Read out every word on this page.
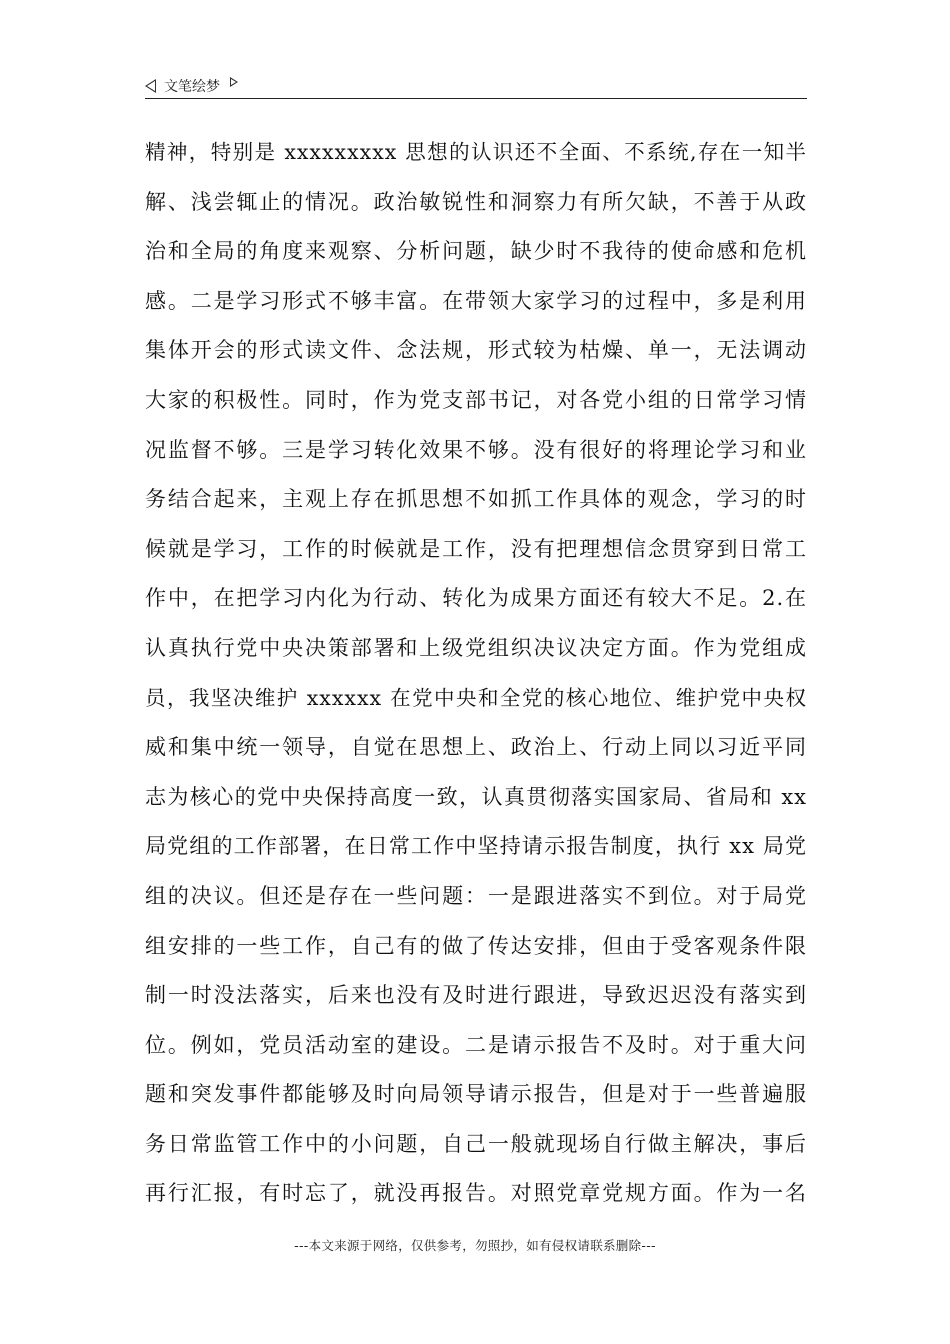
文笔绘梦
精神，特别是 xxxxxxxxx 思想的认识还不全面、不系统,存在一知半
解、浅尝辄止的情况。政治敏锐性和洞察力有所欠缺，不善于从政
治和全局的角度来观察、分析问题，缺少时不我待的使命感和危机
感。二是学习形式不够丰富。在带领大家学习的过程中，多是利用
集体开会的形式读文件、念法规，形式较为枯燥、单一，无法调动
大家的积极性。同时，作为党支部书记，对各党小组的日常学习情
况监督不够。三是学习转化效果不够。没有很好的将理论学习和业
务结合起来，主观上存在抓思想不如抓工作具体的观念，学习的时
候就是学习，工作的时候就是工作，没有把理想信念贯穿到日常工
作中，在把学习内化为行动、转化为成果方面还有较大不足。2.在
认真执行党中央决策部署和上级党组织决议决定方面。作为党组成
员，我坚决维护 xxxxxx 在党中央和全党的核心地位、维护党中央权
威和集中统一领导，自觉在思想上、政治上、行动上同以习近平同
志为核心的党中央保持高度一致，认真贯彻落实国家局、省局和 xx
局党组的工作部署，在日常工作中坚持请示报告制度，执行 xx 局党
组的决议。但还是存在一些问题：一是跟进落实不到位。对于局党
组安排的一些工作，自己有的做了传达安排，但由于受客观条件限
制一时没法落实，后来也没有及时进行跟进，导致迟迟没有落实到
位。例如，党员活动室的建设。二是请示报告不及时。对于重大问
题和突发事件都能够及时向局领导请示报告，但是对于一些普遍服
务日常监管工作中的小问题，自己一般就现场自行做主解决，事后
再行汇报，有时忘了，就没再报告。对照党章党规方面。作为一名
---本文来源于网络，仅供参考，勿照抄，如有侵权请联系删除---
